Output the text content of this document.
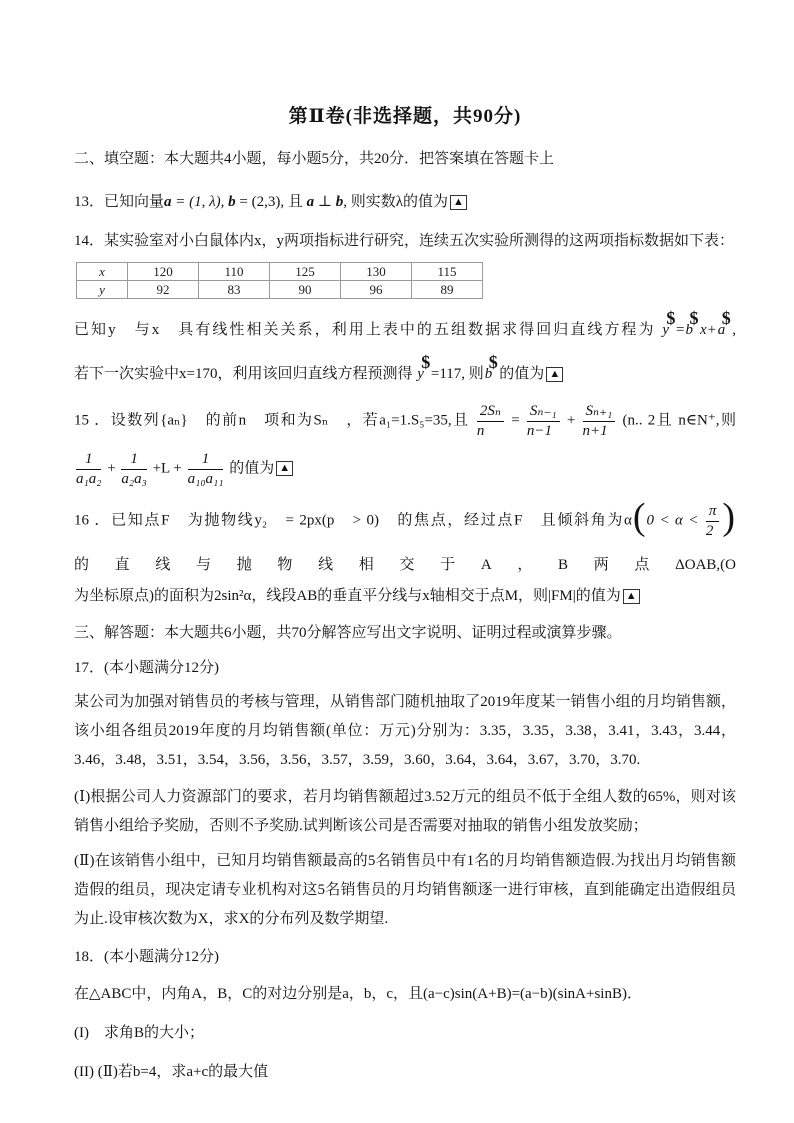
第Ⅱ卷(非选择题，共90分)

二、填空题：本大题共4小题，每小题5分，共20分．把答案填在答题卡上

13．已知向量a = (1, λ), b = (2,3), 且 a ⊥ b, 则实数λ的值为 ▲

14．某实验室对小白鼠体内x，y两项指标进行研究，连续五次实验所测得的这两项指标数据如下表：

x	120	110	125	130	115
y	92	83	90	96	89

已知y　与x　具有线性相关关系，利用上表中的五组数据求得回归直线方程为 y
$
=b
$
x+a
$
,

若下一次实验中x=170，利用该回归直线方程预测得 y
$
=117, 则b
$
的值为 ▲

15 ．设数列{aₙ}　的前n　项和为Sₙ　，若a₁=1.S₅=35,且 $\frac{\text{2Sₙ}}{n} = \frac{\text{Sₙ₋₁}}{n-1} + \frac{\text{Sₙ₊₁}}{n+1} (n$.. 2且 n∈N⁺,则
$\frac{1}{\text{a₁a₂}} + \frac{1}{\text{a₂a₃}} +L + \frac{1}{\text{a₁₀a₁₁}}$ 的值为 ▲
16 ．已知点F　为抛物线y₂　= 2px(p　> 0)　的焦点，经过点F　且倾斜角为$\alpha(0 < \alpha < \frac{\pi}{2}$ )

的直线与抛物线相交于A，B两点ΔOAB,(O

为坐标原点)的面积为2sin²α，线段AB的垂直平分线与x轴相交于点M，则|FM|的值为 ▲

三、解答题：本大题共6小题，共70分解答应写出文字说明、证明过程或演算步骤。

17．(本小题满分12分)

某公司为加强对销售员的考核与管理，从销售部门随机抽取了2019年度某一销售小组的月均销售额，该小组各组员2019年度的月均销售额(单位：万元)分别为：3.35，3.35，3.38，3.41，3.43，3.44，3.46，3.48，3.51，3.54，3.56，3.56，3.57，3.59，3.60，3.64，3.64，3.67，3.70，3.70.

(Ⅰ)根据公司人力资源部门的要求，若月均销售额超过3.52万元的组员不低于全组人数的65%，则对该销售小组给予奖励，否则不予奖励.试判断该公司是否需要对抽取的销售小组发放奖励；

(Ⅱ)在该销售小组中，已知月均销售额最高的5名销售员中有1名的月均销售额造假.为找出月均销售额造假的组员，现决定请专业机构对这5名销售员的月均销售额逐一进行审核，直到能确定出造假组员为止.设审核次数为X，求X的分布列及数学期望.

18．(本小题满分12分)

在△ABC中，内角A，B，C的对边分别是a，b，c，且(a−c)sin(A+B)=(a−b)(sinA+sinB)．

(I)　求角B的大小；

(II) (Ⅱ)若b=4，求a+c的最大值
